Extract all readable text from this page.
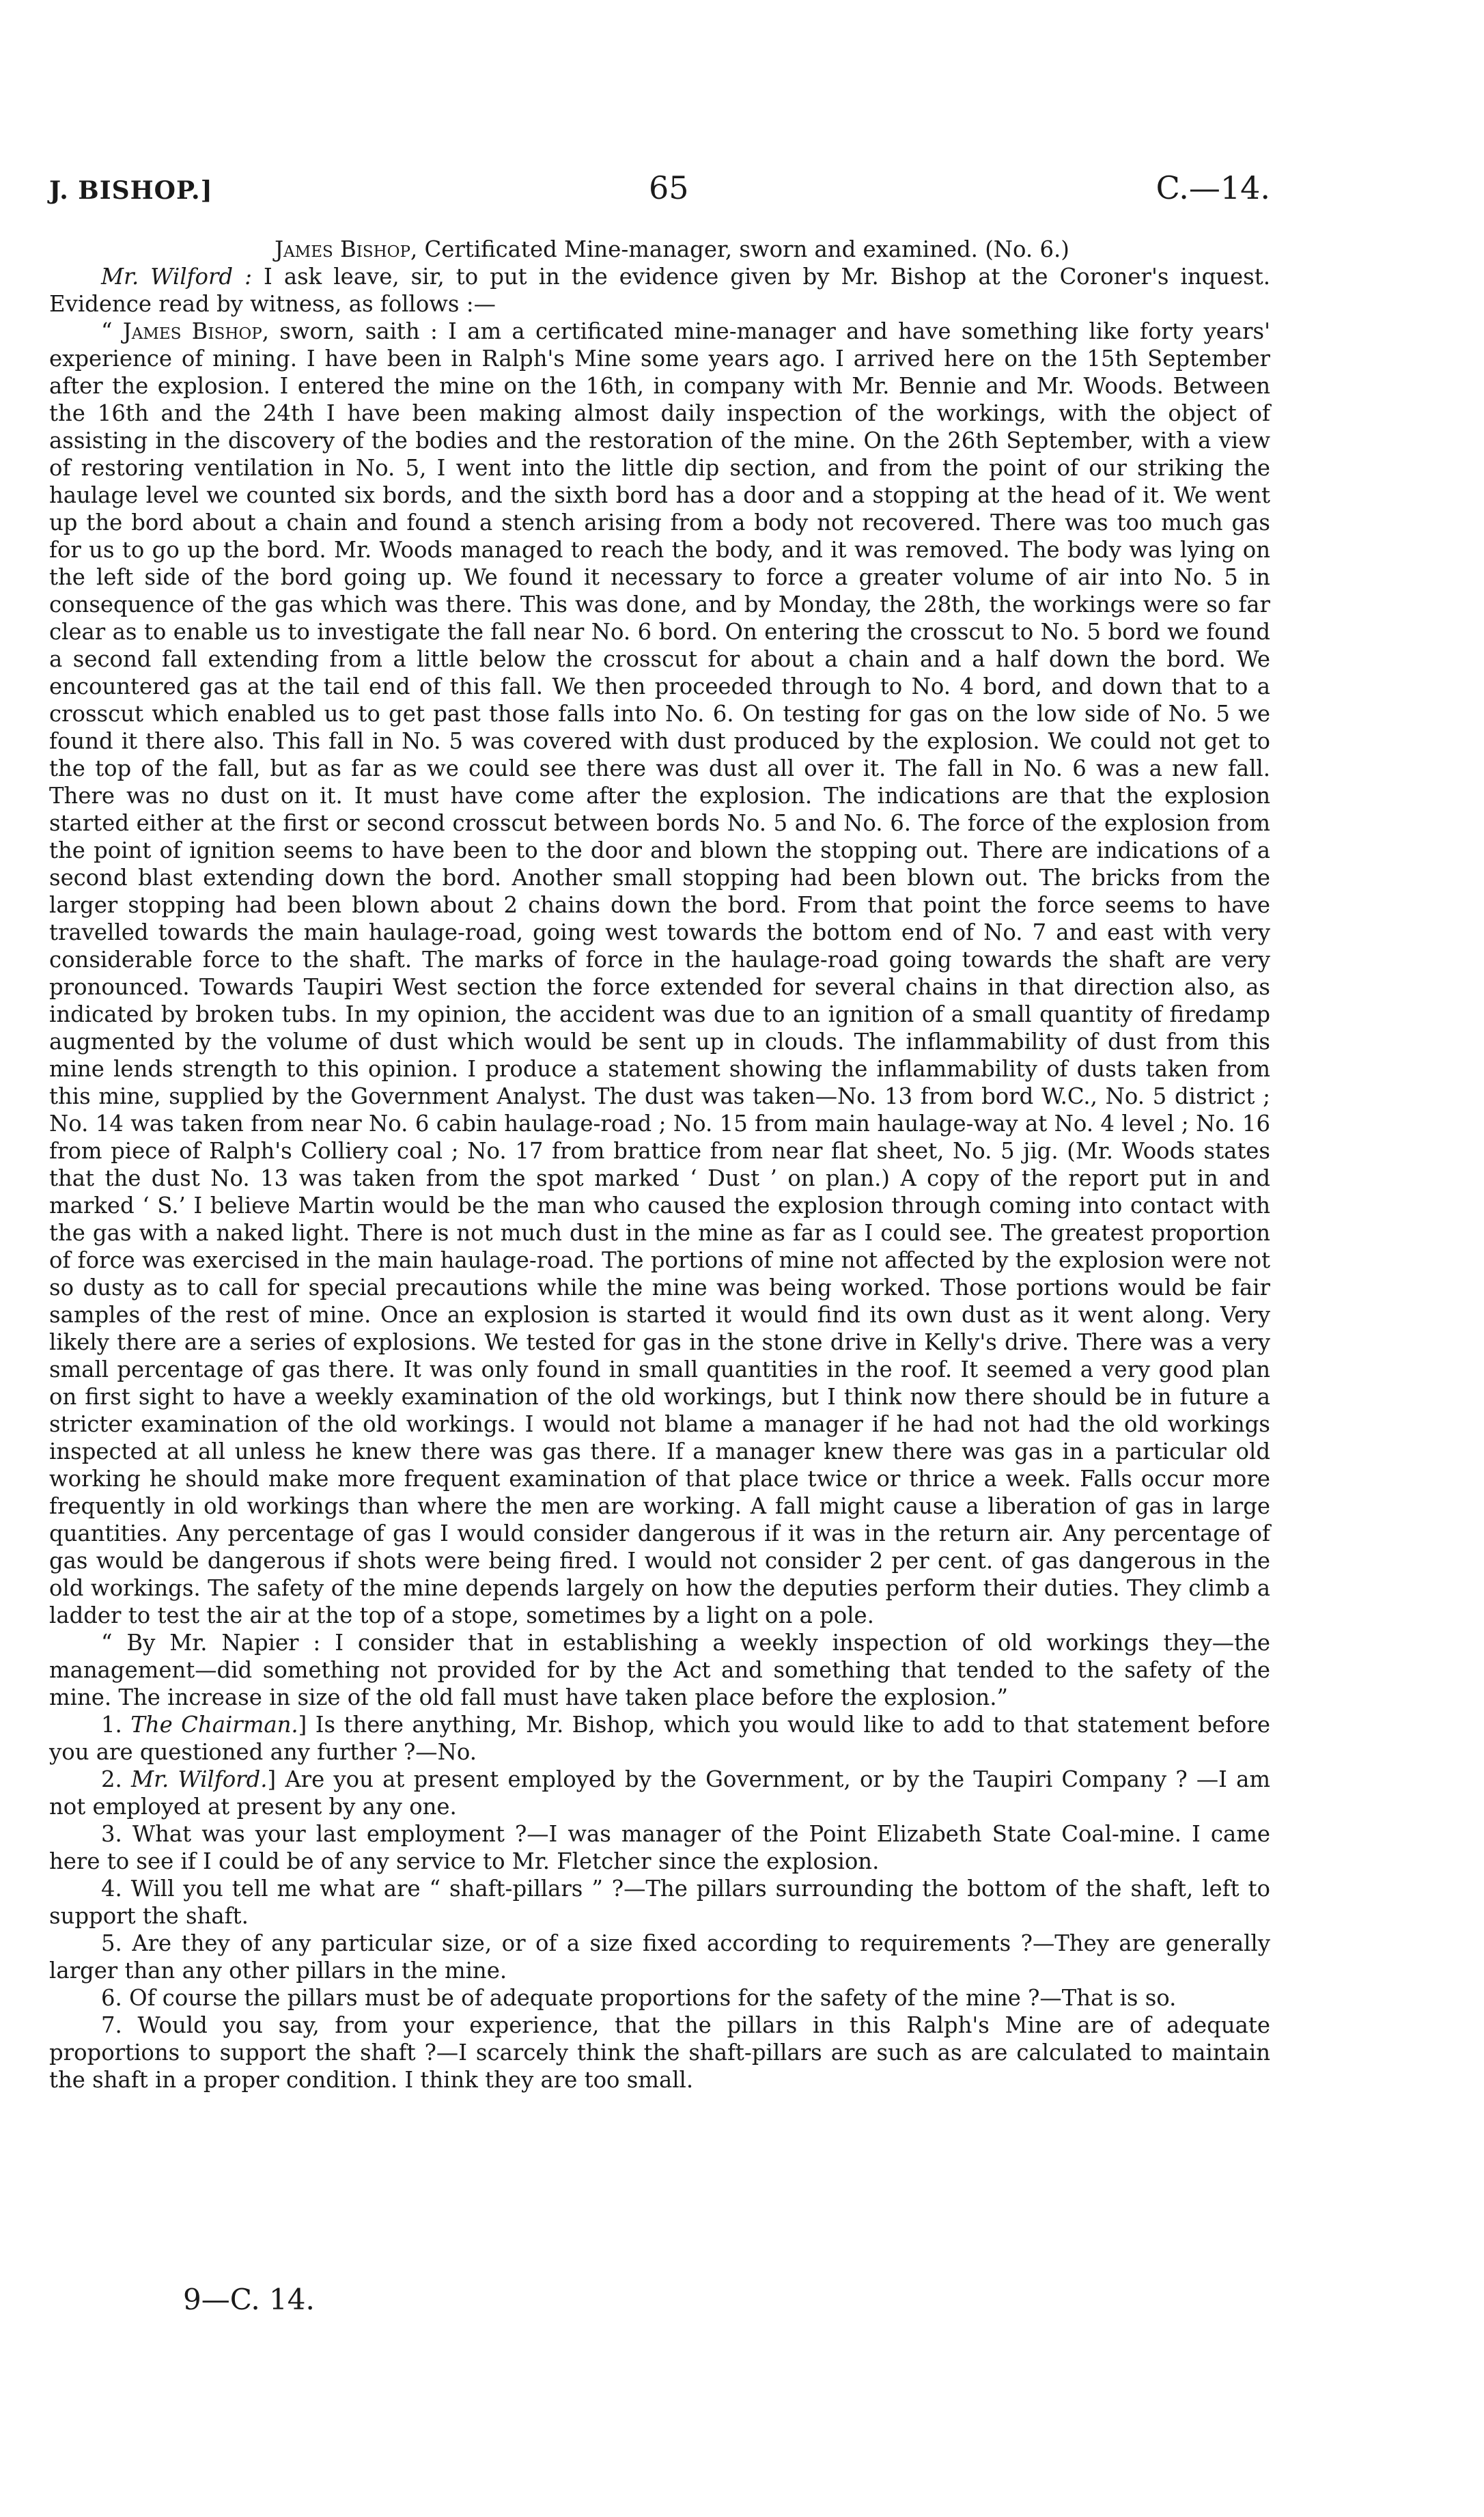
J. BISHOP.]	65	C.—14.

James Bishop, Certificated Mine-manager, sworn and examined. (No. 6.)

Mr. Wilford : I ask leave, sir, to put in the evidence given by Mr. Bishop at the Coroner's inquest. Evidence read by witness, as follows :—

“ James Bishop, sworn, saith : I am a certificated mine-manager and have something like forty years' experience of mining. I have been in Ralph's Mine some years ago. I arrived here on the 15th September after the explosion. I entered the mine on the 16th, in company with Mr. Bennie and Mr. Woods. Between the 16th and the 24th I have been making almost daily inspection of the workings, with the object of assisting in the discovery of the bodies and the restoration of the mine. On the 26th September, with a view of restoring ventilation in No. 5, I went into the little dip section, and from the point of our striking the haulage level we counted six bords, and the sixth bord has a door and a stopping at the head of it. We went up the bord about a chain and found a stench arising from a body not recovered. There was too much gas for us to go up the bord. Mr. Woods managed to reach the body, and it was removed. The body was lying on the left side of the bord going up. We found it necessary to force a greater volume of air into No. 5 in consequence of the gas which was there. This was done, and by Monday, the 28th, the workings were so far clear as to enable us to investigate the fall near No. 6 bord. On entering the crosscut to No. 5 bord we found a second fall extending from a little below the crosscut for about a chain and a half down the bord. We encountered gas at the tail end of this fall. We then proceeded through to No. 4 bord, and down that to a crosscut which enabled us to get past those falls into No. 6. On testing for gas on the low side of No. 5 we found it there also. This fall in No. 5 was covered with dust produced by the explosion. We could not get to the top of the fall, but as far as we could see there was dust all over it. The fall in No. 6 was a new fall. There was no dust on it. It must have come after the explosion. The indications are that the explosion started either at the first or second crosscut between bords No. 5 and No. 6. The force of the explosion from the point of ignition seems to have been to the door and blown the stopping out. There are indications of a second blast extending down the bord. Another small stopping had been blown out. The bricks from the larger stopping had been blown about 2 chains down the bord. From that point the force seems to have travelled towards the main haulage-road, going west towards the bottom end of No. 7 and east with very considerable force to the shaft. The marks of force in the haulage-road going towards the shaft are very pronounced. Towards Taupiri West section the force extended for several chains in that direction also, as indicated by broken tubs. In my opinion, the accident was due to an ignition of a small quantity of firedamp augmented by the volume of dust which would be sent up in clouds. The inflammability of dust from this mine lends strength to this opinion. I produce a statement showing the inflammability of dusts taken from this mine, supplied by the Government Analyst. The dust was taken—No. 13 from bord W.C., No. 5 district ; No. 14 was taken from near No. 6 cabin haulage-road ; No. 15 from main haulage-way at No. 4 level ; No. 16 from piece of Ralph's Colliery coal ; No. 17 from brattice from near flat sheet, No. 5 jig. (Mr. Woods states that the dust No. 13 was taken from the spot marked ‘ Dust ’ on plan.) A copy of the report put in and marked ‘ S.’ I believe Martin would be the man who caused the explosion through coming into contact with the gas with a naked light. There is not much dust in the mine as far as I could see. The greatest proportion of force was exercised in the main haulage-road. The portions of mine not affected by the explosion were not so dusty as to call for special precautions while the mine was being worked. Those portions would be fair samples of the rest of mine. Once an explosion is started it would find its own dust as it went along. Very likely there are a series of explosions. We tested for gas in the stone drive in Kelly's drive. There was a very small percentage of gas there. It was only found in small quantities in the roof. It seemed a very good plan on first sight to have a weekly examination of the old workings, but I think now there should be in future a stricter examination of the old workings. I would not blame a manager if he had not had the old workings inspected at all unless he knew there was gas there. If a manager knew there was gas in a particular old working he should make more frequent examination of that place twice or thrice a week. Falls occur more frequently in old workings than where the men are working. A fall might cause a liberation of gas in large quantities. Any percentage of gas I would consider dangerous if it was in the return air. Any percentage of gas would be dangerous if shots were being fired. I would not consider 2 per cent. of gas dangerous in the old workings. The safety of the mine depends largely on how the deputies perform their duties. They climb a ladder to test the air at the top of a stope, sometimes by a light on a pole.

“ By Mr. Napier : I consider that in establishing a weekly inspection of old workings they—the management—did something not provided for by the Act and something that tended to the safety of the mine. The increase in size of the old fall must have taken place before the explosion.”

1. The Chairman.] Is there anything, Mr. Bishop, which you would like to add to that statement before you are questioned any further ?—No.

2. Mr. Wilford.] Are you at present employed by the Government, or by the Taupiri Company ? —I am not employed at present by any one.

3. What was your last employment ?—I was manager of the Point Elizabeth State Coal-mine. I came here to see if I could be of any service to Mr. Fletcher since the explosion.

4. Will you tell me what are “ shaft-pillars ” ?—The pillars surrounding the bottom of the shaft, left to support the shaft.

5. Are they of any particular size, or of a size fixed according to requirements ?—They are generally larger than any other pillars in the mine.

6. Of course the pillars must be of adequate proportions for the safety of the mine ?—That is so.

7. Would you say, from your experience, that the pillars in this Ralph's Mine are of adequate proportions to support the shaft ?—I scarcely think the shaft-pillars are such as are calculated to maintain the shaft in a proper condition. I think they are too small.

9—C. 14.
